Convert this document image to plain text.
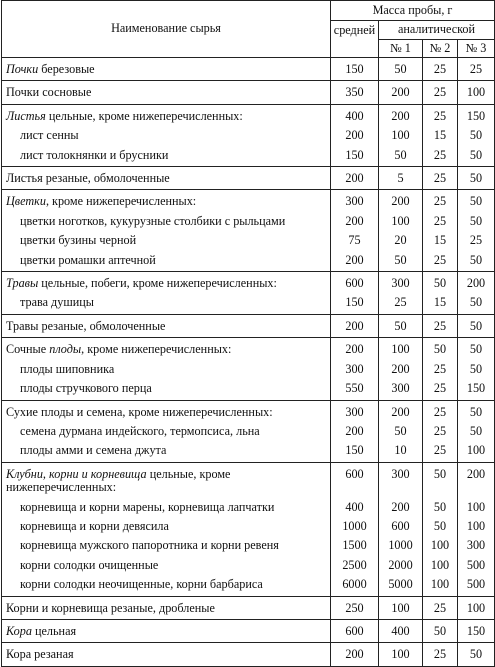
Наименование сырья	Масса пробы, г			
	средней	аналитической		
		№ 1	№ 2	№ 3
Почки березовые	150	50	25	25
Почки сосновые	350	200	25	100
Листья цельные, кроме нижеперечисленных:	400	200	25	150
лист сенны	200	100	15	50
лист толокнянки и брусники	150	50	25	50
Листья резаные, обмолоченные	200	5	25	50
Цветки, кроме нижеперечисленных:	300	200	25	50
цветки ноготков, кукурузные столбики с рыльцами	200	100	25	50
цветки бузины черной	75	20	15	25
цветки ромашки аптечной	200	50	25	50
Травы цельные, побеги, кроме нижеперечисленных:	600	300	50	200
трава душицы	150	25	15	50
Травы резаные, обмолоченные	200	50	25	50
Сочные плоды, кроме нижеперечисленных:	200	100	50	50
плоды шиповника	300	200	25	50
плоды стручкового перца	550	300	25	150
Сухие плоды и семена, кроме нижеперечисленных:	300	200	25	50
семена дурмана индейского, термопсиса, льна	200	50	25	50
плоды амми и семена джута	150	10	25	100
Клубни, корни и корневища цельные, кроме нижеперечисленных:	600	300	50	200
корневища и корни марены, корневища лапчатки	400	200	50	100
корневища и корни девясила	1000	600	50	100
корневища мужского папоротника и корни ревеня	1500	1000	100	300
корни солодки очищенные	2500	2000	100	500
корни солодки неочищенные, корни барбариса	6000	5000	100	500
Корни и корневища резаные, дробленые	250	100	25	100
Кора цельная	600	400	50	150
Кора резаная	200	100	25	50
